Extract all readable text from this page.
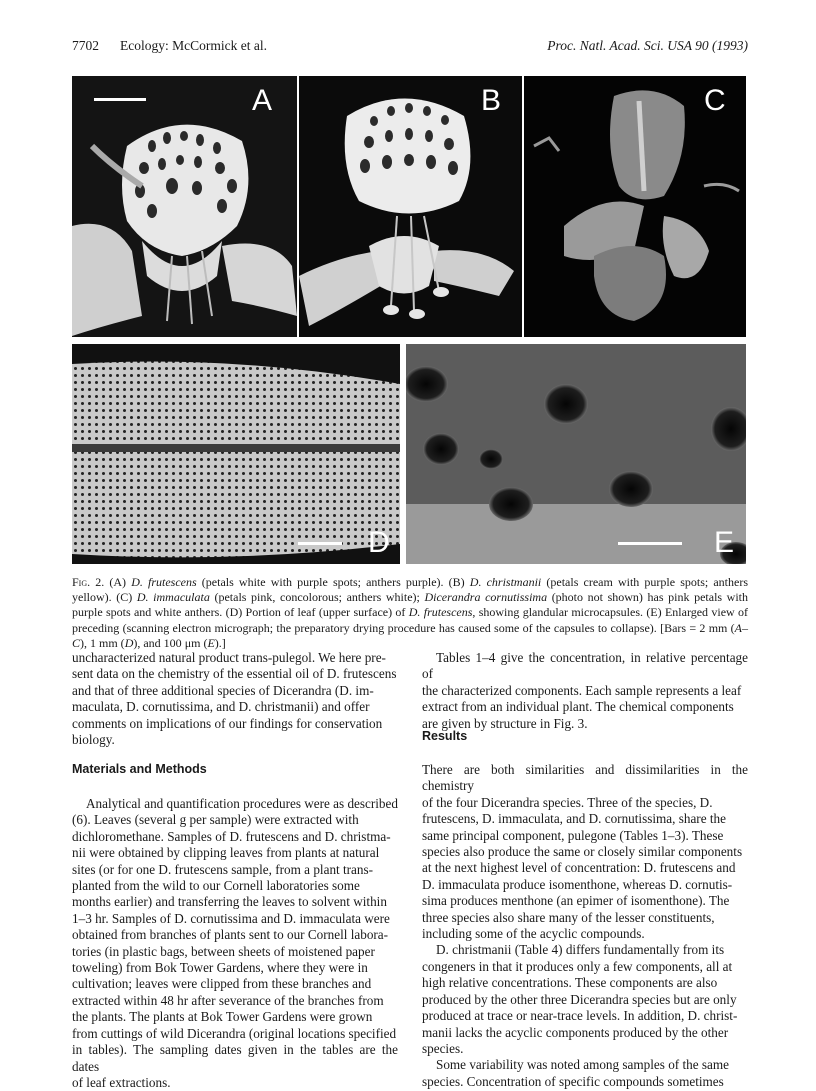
7702 Ecology: McCormick et al.	Proc. Natl. Acad. Sci. USA 90 (1993)
A	B	C
D	E
Fig. 2. (A) D. frutescens (petals white with purple spots; anthers purple). (B) D. christmanii (petals cream with purple spots; anthers yellow). (C) D. immaculata (petals pink, concolorous; anthers white); Dicerandra cornutissima (photo not shown) has pink petals with purple spots and white anthers. (D) Portion of leaf (upper surface) of D. frutescens, showing glandular microcapsules. (E) Enlarged view of preceding (scanning electron micrograph; the preparatory drying procedure has caused some of the capsules to collapse). [Bars = 2 mm (A–C), 1 mm (D), and 100 μm (E).]

uncharacterized natural product trans-pulegol. We here pre-

sent data on the chemistry of the essential oil of D. frutescens

and that of three additional species of Dicerandra (D. im-

maculata, D. cornutissima, and D. christmanii) and offer

comments on implications of our findings for conservation

biology.

Materials and Methods

Analytical and quantification procedures were as described

(6). Leaves (several g per sample) were extracted with

dichloromethane. Samples of D. frutescens and D. christma-

nii were obtained by clipping leaves from plants at natural

sites (or for one D. frutescens sample, from a plant trans-

planted from the wild to our Cornell laboratories some

months earlier) and transferring the leaves to solvent within

1–3 hr. Samples of D. cornutissima and D. immaculata were

obtained from branches of plants sent to our Cornell labora-

tories (in plastic bags, between sheets of moistened paper

toweling) from Bok Tower Gardens, where they were in

cultivation; leaves were clipped from these branches and

extracted within 48 hr after severance of the branches from

the plants. The plants at Bok Tower Gardens were grown

from cuttings of wild Dicerandra (original locations specified

in tables). The sampling dates given in the tables are the dates

of leaf extractions.

Tables 1–4 give the concentration, in relative percentage of

the characterized components. Each sample represents a leaf

extract from an individual plant. The chemical components

are given by structure in Fig. 3.

Results

There are both similarities and dissimilarities in the chemistry

of the four Dicerandra species. Three of the species, D.

frutescens, D. immaculata, and D. cornutissima, share the

same principal component, pulegone (Tables 1–3). These

species also produce the same or closely similar components

at the next highest level of concentration: D. frutescens and

D. immaculata produce isomenthone, whereas D. cornutis-

sima produces menthone (an epimer of isomenthone). The

three species also share many of the lesser constituents,

including some of the acyclic compounds.

D. christmanii (Table 4) differs fundamentally from its

congeners in that it produces only a few components, all at

high relative concentrations. These components are also

produced by the other three Dicerandra species but are only

produced at trace or near-trace levels. In addition, D. christ-

manii lacks the acyclic components produced by the other

species.

Some variability was noted among samples of the same

species. Concentration of specific compounds sometimes
